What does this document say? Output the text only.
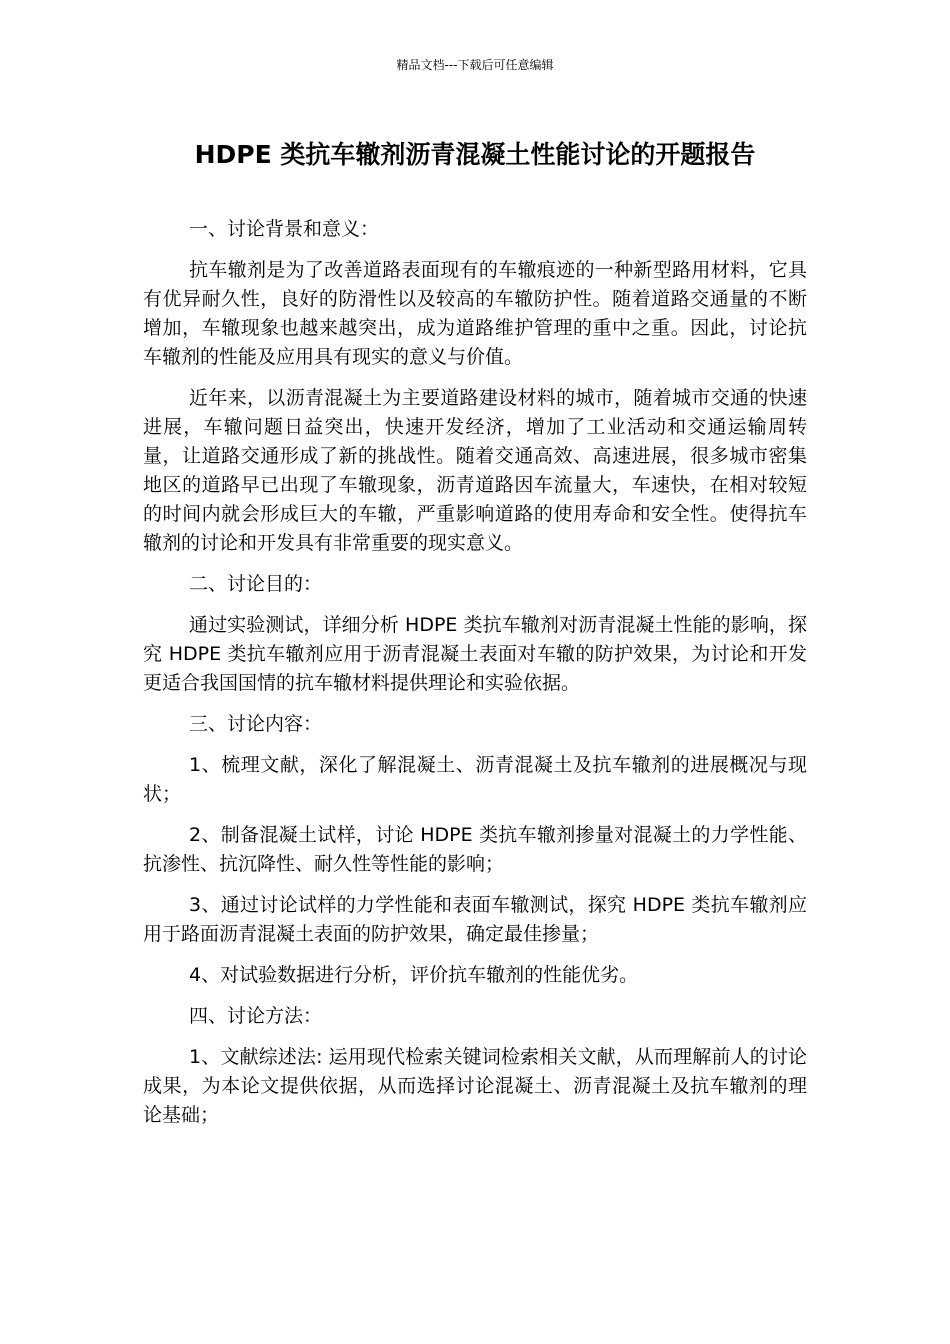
精品文档---下载后可任意编辑
HDPE 类抗车辙剂沥青混凝土性能讨论的开题报告

一、讨论背景和意义：

抗车辙剂是为了改善道路表面现有的车辙痕迹的一种新型路用材料，它具有优异耐久性，良好的防滑性以及较高的车辙防护性。随着道路交通量的不断增加，车辙现象也越来越突出，成为道路维护管理的重中之重。因此，讨论抗车辙剂的性能及应用具有现实的意义与价值。

近年来，以沥青混凝土为主要道路建设材料的城市，随着城市交通的快速进展，车辙问题日益突出，快速开发经济，增加了工业活动和交通运输周转量，让道路交通形成了新的挑战性。随着交通高效、高速进展，很多城市密集地区的道路早已出现了车辙现象，沥青道路因车流量大，车速快，在相对较短的时间内就会形成巨大的车辙，严重影响道路的使用寿命和安全性。使得抗车辙剂的讨论和开发具有非常重要的现实意义。

二、讨论目的：

通过实验测试，详细分析 HDPE 类抗车辙剂对沥青混凝土性能的影响，探究 HDPE 类抗车辙剂应用于沥青混凝土表面对车辙的防护效果，为讨论和开发更适合我国国情的抗车辙材料提供理论和实验依据。

三、讨论内容：

1、梳理文献，深化了解混凝土、沥青混凝土及抗车辙剂的进展概况与现状；

2、制备混凝土试样，讨论 HDPE 类抗车辙剂掺量对混凝土的力学性能、抗渗性、抗沉降性、耐久性等性能的影响；

3、通过讨论试样的力学性能和表面车辙测试，探究 HDPE 类抗车辙剂应用于路面沥青混凝土表面的防护效果，确定最佳掺量；

4、对试验数据进行分析，评价抗车辙剂的性能优劣。

四、讨论方法：

1、文献综述法: 运用现代检索关键词检索相关文献，从而理解前人的讨论成果，为本论文提供依据，从而选择讨论混凝土、沥青混凝土及抗车辙剂的理论基础；
